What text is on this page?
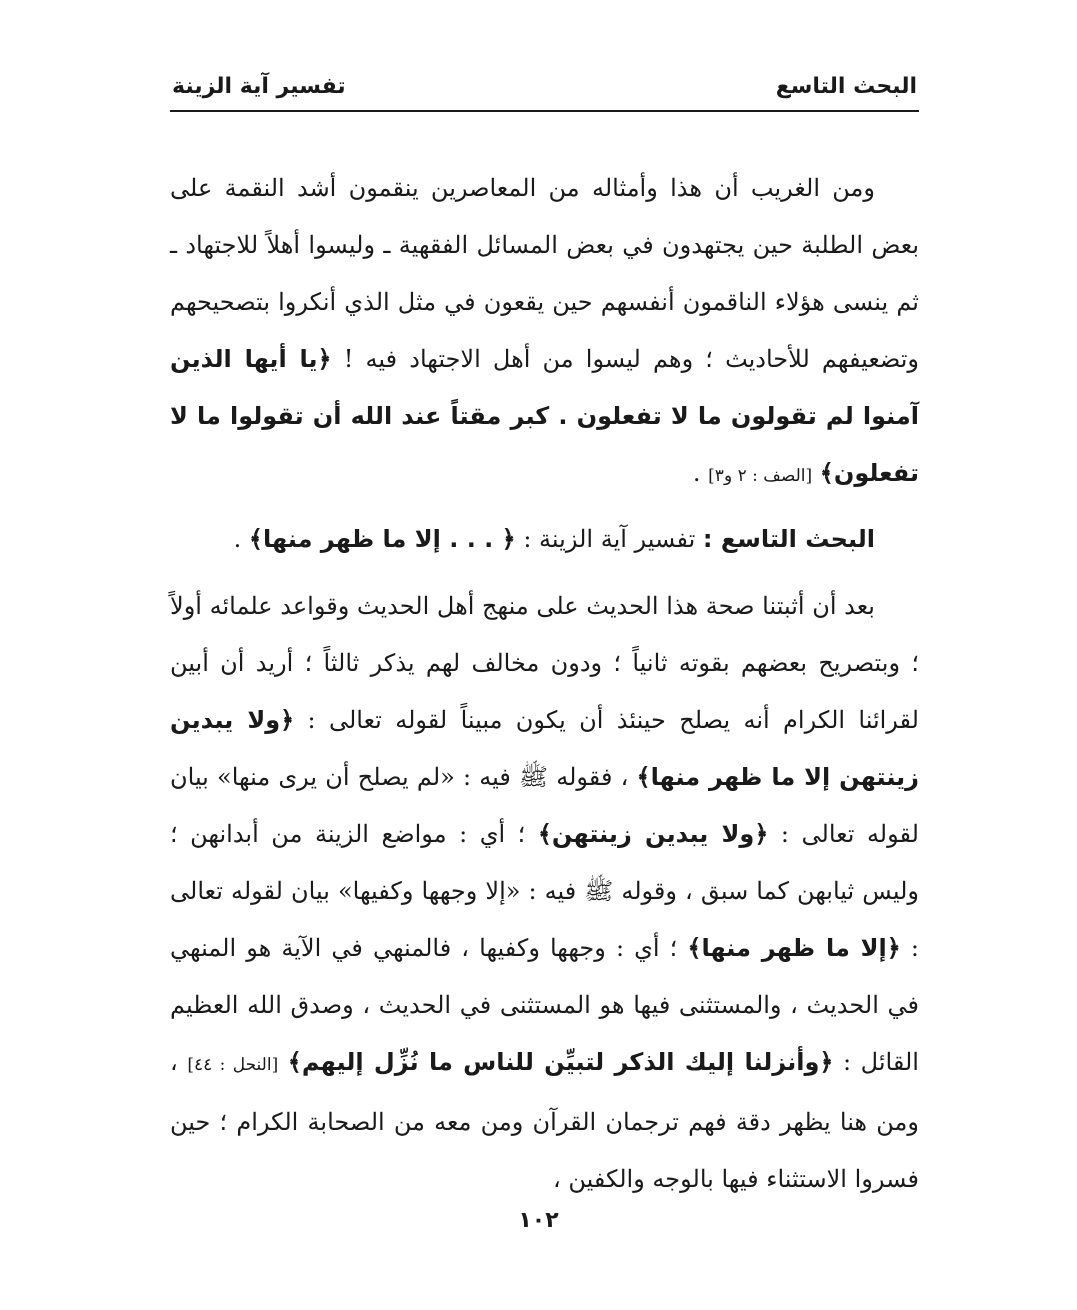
البحث التاسع
تفسير آية الزينة

ومن الغريب أن هذا وأمثاله من المعاصرين ينقمون أشد النقمة على بعض الطلبة حين يجتهدون في بعض المسائل الفقهية ـ وليسوا أهلاً للاجتهاد ـ ثم ينسى هؤلاء الناقمون أنفسهم حين يقعون في مثل الذي أنكروا بتصحيحهم وتضعيفهم للأحاديث ؛ وهم ليسوا من أهل الاجتهاد فيه ! ﴿يا أيها الذين آمنوا لم تقولون ما لا تفعلون . كبر مقتاً عند الله أن تقولوا ما لا تفعلون﴾ [الصف : ٢ و٣] .

البحث التاسع : تفسير آية الزينة : ﴿ . . . إلا ما ظهر منها﴾ .

بعد أن أثبتنا صحة هذا الحديث على منهج أهل الحديث وقواعد علمائه أولاً ؛ وبتصريح بعضهم بقوته ثانياً ؛ ودون مخالف لهم يذكر ثالثاً ؛ أريد أن أبين لقرائنا الكرام أنه يصلح حينئذ أن يكون مبيناً لقوله تعالى : ﴿ولا يبدين زينتهن إلا ما ظهر منها﴾ ، فقوله ﷺ فيه : «لم يصلح أن يرى منها» بيان لقوله تعالى : ﴿ولا يبدين زينتهن﴾ ؛ أي : مواضع الزينة من أبدانهن ؛ وليس ثيابهن كما سبق ، وقوله ﷺ فيه : «إلا وجهها وكفيها» بيان لقوله تعالى : ﴿إلا ما ظهر منها﴾ ؛ أي : وجهها وكفيها ، فالمنهي في الآية هو المنهي في الحديث ، والمستثنى فيها هو المستثنى في الحديث ، وصدق الله العظيم القائل : ﴿وأنزلنا إليك الذكر لتبيِّن للناس ما نُزِّل إليهم﴾ [النحل : ٤٤] ، ومن هنا يظهر دقة فهم ترجمان القرآن ومن معه من الصحابة الكرام ؛ حين فسروا الاستثناء فيها بالوجه والكفين ،

١٠٢
